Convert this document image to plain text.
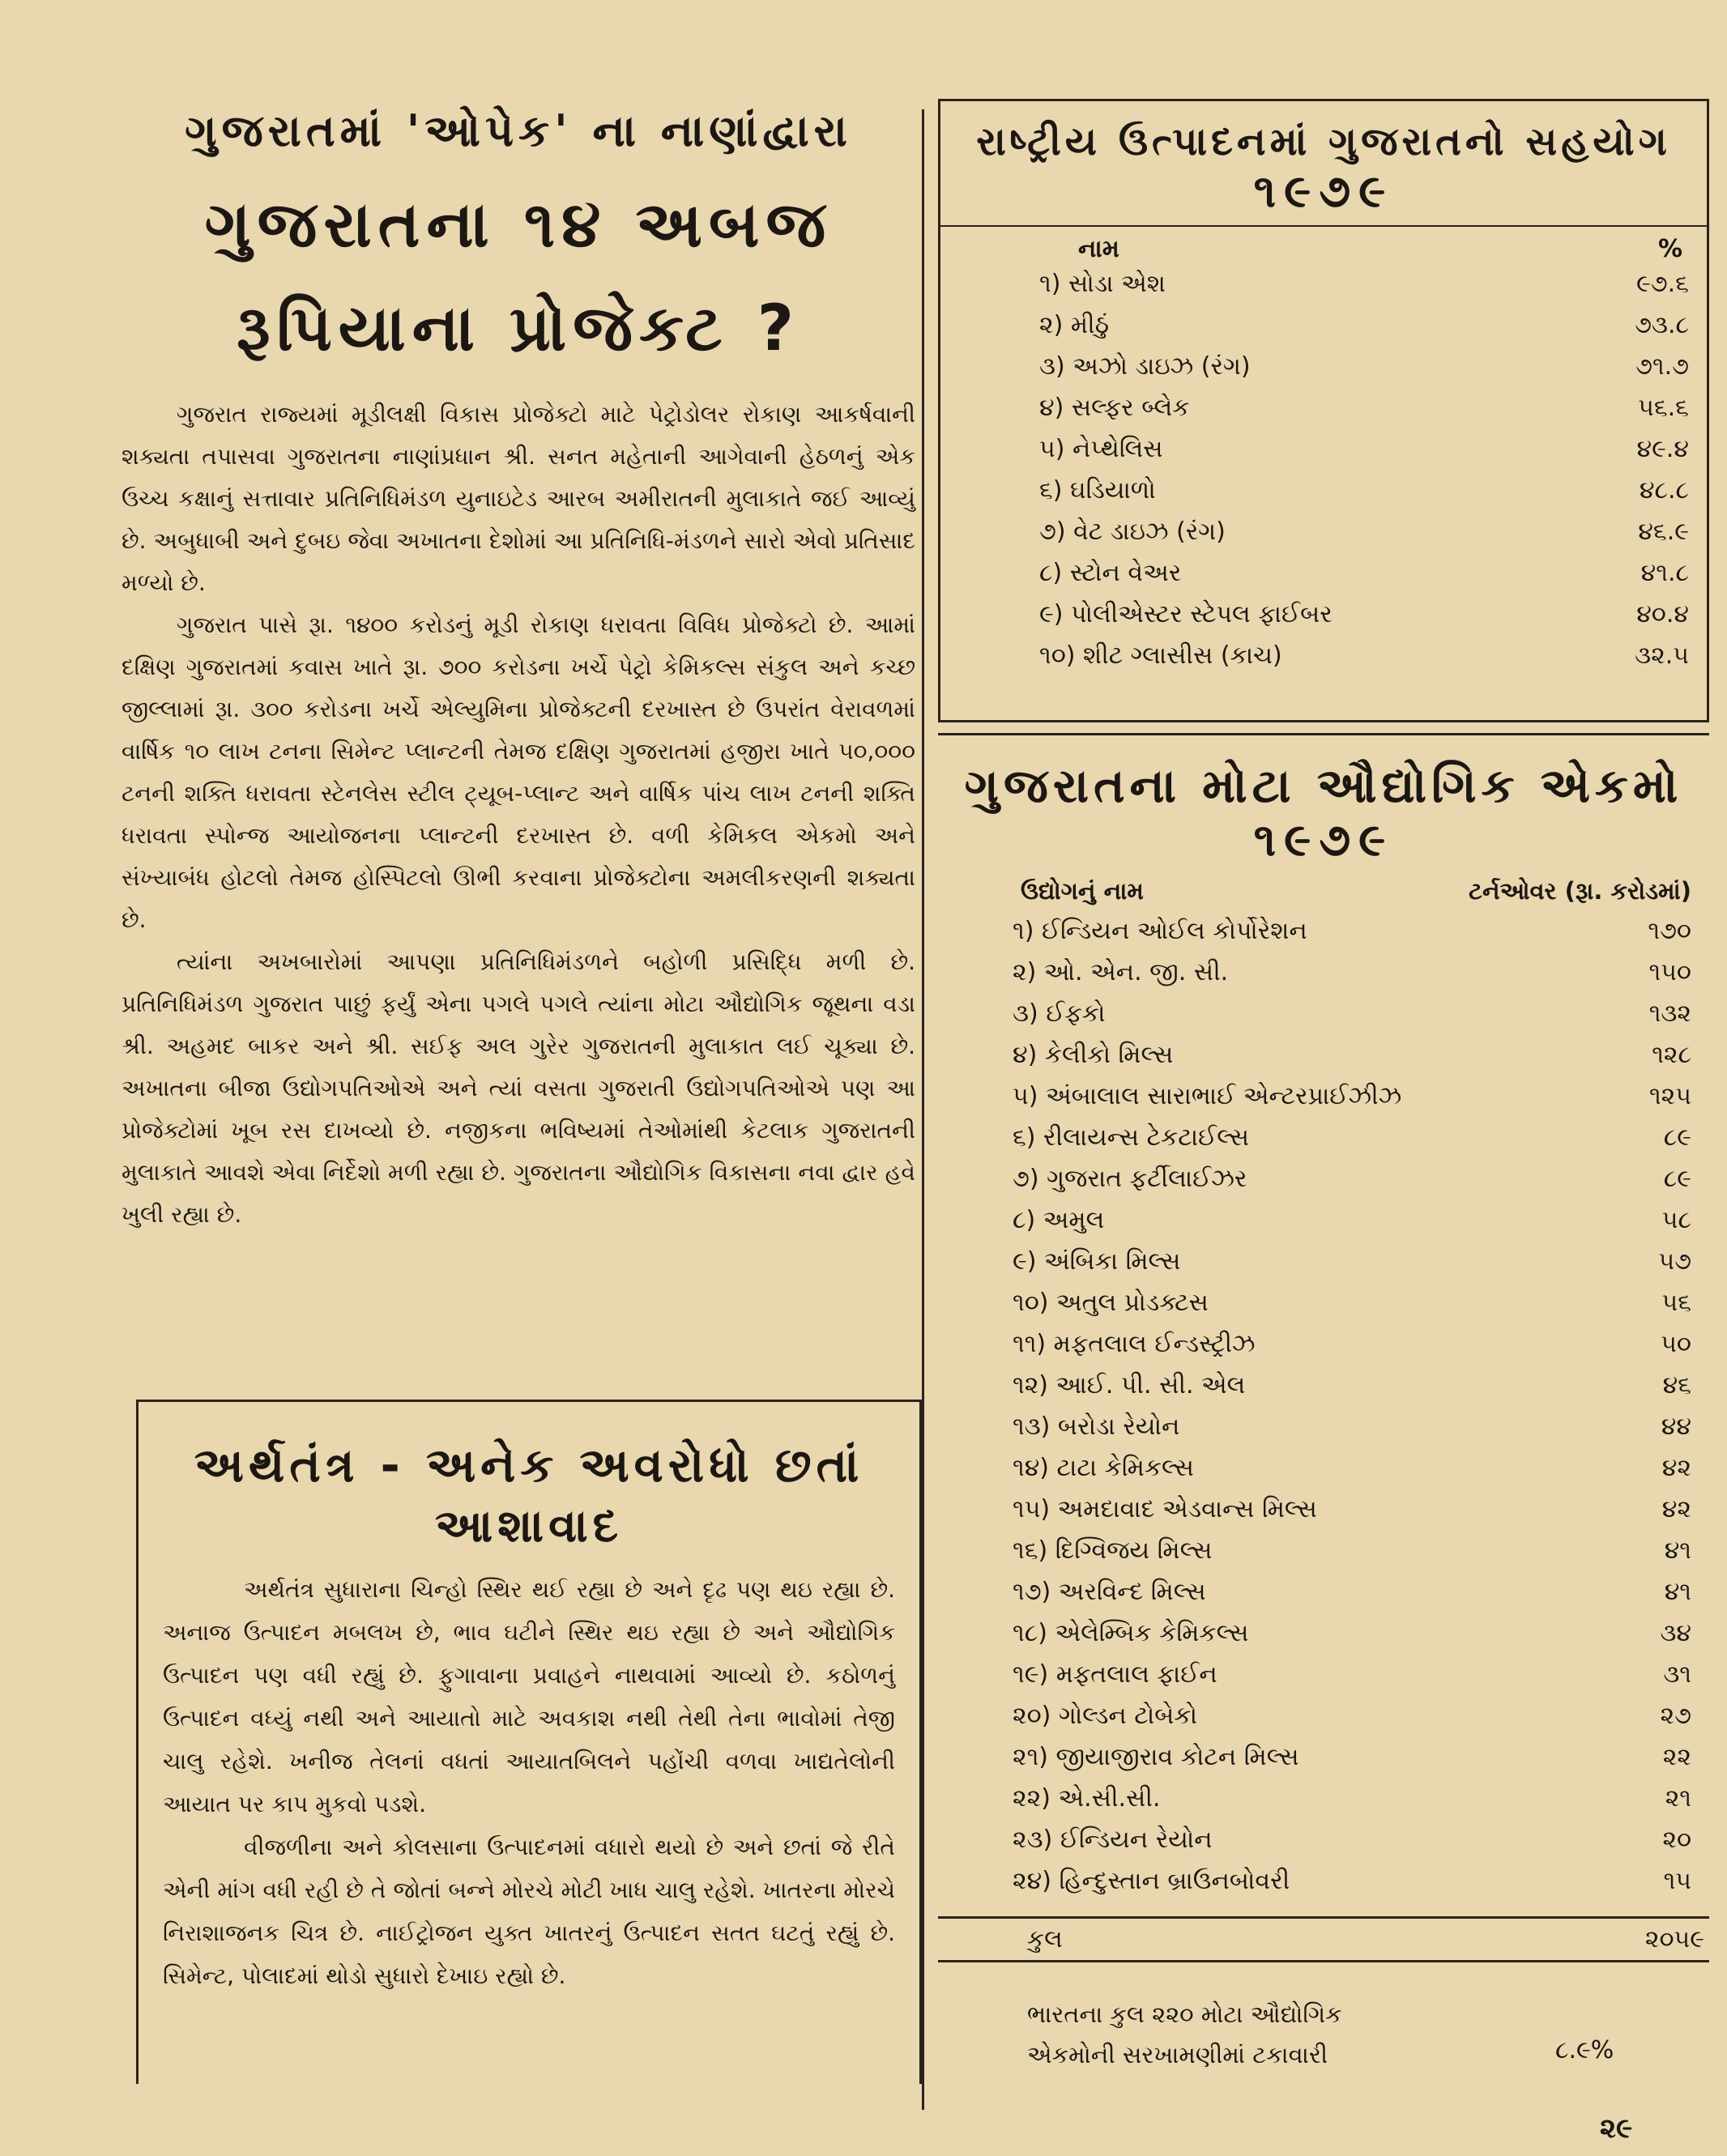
ગુજરાતમાં 'ઓપેક' ના નાણાંદ્વારા
ગુજરાતના ૧૪ અબજ
રૂપિયાના પ્રોજેક્ટ ?

ગુજરાત રાજ્યમાં મૂડીલક્ષી વિકાસ પ્રોજેક્ટો માટે પેટ્રોડોલર રોકાણ આકર્ષવાની શક્યતા તપાસવા ગુજરાતના નાણાંપ્રધાન શ્રી. સનત મહેતાની આગેવાની હેઠળનું એક ઉચ્ચ કક્ષાનું સત્તાવાર પ્રતિનિધિમંડળ યુનાઇટેડ આરબ અમીરાતની મુલાકાતે જઈ આવ્યું છે. અબુધાબી અને દુબઇ જેવા અખાતના દેશોમાં આ પ્રતિનિધિ-મંડળને સારો એવો પ્રતિસાદ મળ્યો છે.

ગુજરાત પાસે રૂા. ૧૪૦૦ કરોડનું મૂડી રોકાણ ધરાવતા વિવિધ પ્રોજેક્ટો છે. આમાં દક્ષિણ ગુજરાતમાં કવાસ ખાતે રૂા. ૭૦૦ કરોડના ખર્ચે પેટ્રો કેમિકલ્સ સંકુલ અને કચ્છ જીલ્લામાં રૂા. ૩૦૦ કરોડના ખર્ચે એલ્યુમિના પ્રોજેક્ટની દરખાસ્ત છે ઉપરાંત વેરાવળમાં વાર્ષિક ૧૦ લાખ ટનના સિમેન્ટ પ્લાન્ટની તેમજ દક્ષિણ ગુજરાતમાં હજીરા ખાતે ૫૦,૦૦૦ ટનની શક્તિ ધરાવતા સ્ટેનલેસ સ્ટીલ ટ્યૂબ-પ્લાન્ટ અને વાર્ષિક પાંચ લાખ ટનની શક્તિ ધરાવતા સ્પોન્જ આયોજનના પ્લાન્ટની દરખાસ્ત છે. વળી કેમિકલ એકમો અને સંખ્યાબંધ હોટલો તેમજ હોસ્પિટલો ઊભી કરવાના પ્રોજેક્ટોના અમલીકરણની શક્યતા છે.

ત્યાંના અખબારોમાં આપણા પ્રતિનિધિમંડળને બહોળી પ્રસિદ્ધિ મળી છે. પ્રતિનિધિમંડળ ગુજરાત પાછું ફર્યું એના પગલે પગલે ત્યાંના મોટા ઔદ્યોગિક જૂથના વડા શ્રી. અહમદ બાકર અને શ્રી. સઈફ અલ ગુરેર ગુજરાતની મુલાકાત લઈ ચૂક્યા છે. અખાતના બીજા ઉદ્યોગપતિઓએ અને ત્યાં વસતા ગુજરાતી ઉદ્યોગપતિઓએ પણ આ પ્રોજેક્ટોમાં ખૂબ રસ દાખવ્યો છે. નજીકના ભવિષ્યમાં તેઓમાંથી કેટલાક ગુજરાતની મુલાકાતે આવશે એવા નિર્દેશો મળી રહ્યા છે. ગુજરાતના ઔદ્યોગિક વિકાસના નવા દ્વાર હવે ખુલી રહ્યા છે.

અર્થતંત્ર - અનેક અવરોધો છતાં
આશાવાદ

અર્થતંત્ર સુધારાના ચિન્હો સ્થિર થઈ રહ્યા છે અને દૃઢ પણ થઇ રહ્યા છે. અનાજ ઉત્પાદન મબલખ છે, ભાવ ઘટીને સ્થિર થઇ રહ્યા છે અને ઔદ્યોગિક ઉત્પાદન પણ વધી રહ્યું છે. ફુગાવાના પ્રવાહને નાથવામાં આવ્યો છે. કઠોળનું ઉત્પાદન વધ્યું નથી અને આયાતો માટે અવકાશ નથી તેથી તેના ભાવોમાં તેજી ચાલુ રહેશે. ખનીજ તેલનાં વધતાં આયાતબિલને પહોંચી વળવા ખાદ્યતેલોની આયાત પર કાપ મુકવો પડશે.

વીજળીના અને કોલસાના ઉત્પાદનમાં વધારો થયો છે અને છતાં જે રીતે એની માંગ વધી રહી છે તે જોતાં બન્ને મોરચે મોટી ખાધ ચાલુ રહેશે. ખાતરના મોરચે નિરાશાજનક ચિત્ર છે. નાઈટ્રોજન યુક્ત ખાતરનું ઉત્પાદન સતત ઘટતું રહ્યું છે. સિમેન્ટ, પોલાદમાં થોડો સુધારો દેખાઇ રહ્યો છે.

રાષ્ટ્રીય ઉત્પાદનમાં ગુજરાતનો સહયોગ
૧૯૭૯
નામ	%
૧) સોડા એશ	૯૭.૬
૨) મીઠું	૭૩.૮
૩) અઝો ડાઇઝ (રંગ)	૭૧.૭
૪) સલ્ફર બ્લેક	૫૬.૬
૫) નેપ્થેલિસ	૪૯.૪
૬) ઘડિયાળો	૪૮.૮
૭) વેટ ડાઇઝ (રંગ)	૪૬.૯
૮) સ્ટોન વેઅર	૪૧.૮
૯) પોલીએસ્ટર સ્ટેપલ ફાઈબર	૪૦.૪
૧૦) શીટ ગ્લાસીસ (કાચ)	૩૨.૫
ગુજરાતના મોટા ઔદ્યોગિક એકમો
૧૯૭૯
ઉદ્યોગનું નામ	ટર્નઓવર (રૂા. કરોડમાં)
૧) ઈન્ડિયન ઓઈલ કોર્પોરેશન	૧૭૦
૨) ઓ. એન. જી. સી.	૧૫૦
૩) ઈફકો	૧૩૨
૪) કેલીકો મિલ્સ	૧૨૮
૫) અંબાલાલ સારાભાઈ એન્ટરપ્રાઈઝીઝ	૧૨૫
૬) રીલાયન્સ ટેકટાઈલ્સ	૮૯
૭) ગુજરાત ફર્ટીલાઈઝર	૮૯
૮) અમુલ	૫૮
૯) અંબિકા મિલ્સ	૫૭
૧૦) અતુલ પ્રોડક્ટસ	૫૬
૧૧) મફતલાલ ઈન્ડસ્ટ્રીઝ	૫૦
૧૨) આઈ. પી. સી. એલ	૪૬
૧૩) બરોડા રેયોન	૪૪
૧૪) ટાટા કેમિકલ્સ	૪૨
૧૫) અમદાવાદ એડવાન્સ મિલ્સ	૪૨
૧૬) દિગ્વિજય મિલ્સ	૪૧
૧૭) અરવિન્દ મિલ્સ	૪૧
૧૮) એલેમ્બિક કેમિકલ્સ	૩૪
૧૯) મફતલાલ ફાઈન	૩૧
૨૦) ગોલ્ડન ટોબેકો	૨૭
૨૧) જીયાજીરાવ કોટન મિલ્સ	૨૨
૨૨) એ.સી.સી.	૨૧
૨૩) ઈન્ડિયન રેયોન	૨૦
૨૪) હિન્દુસ્તાન બ્રાઉનબોવરી	૧૫
કુલ	૨૦૫૯
ભારતના કુલ ૨૨૦ મોટા ઔદ્યોગિક
એકમોની સરખામણીમાં ટકાવારી	૮.૯%
૨૯
